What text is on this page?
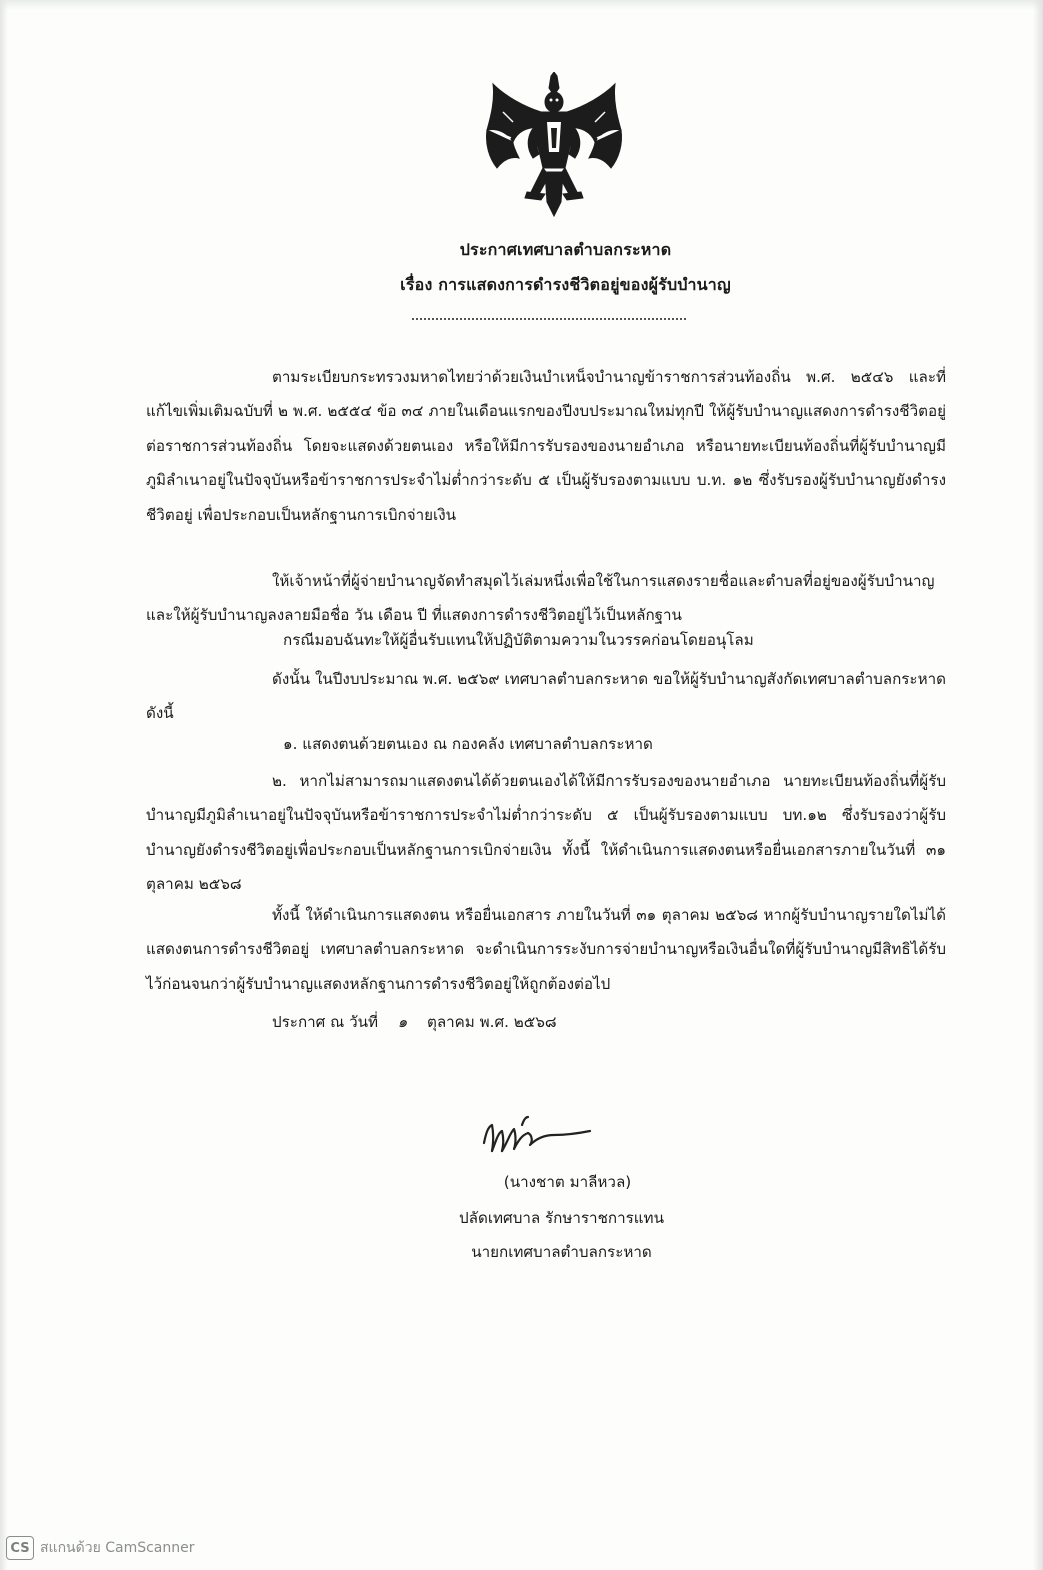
ประกาศเทศบาลตำบลกระหาด
เรื่อง การแสดงการดำรงชีวิตอยู่ของผู้รับบำนาญ

ตามระเบียบกระทรวงมหาดไทยว่าด้วยเงินบำเหน็จบำนาญข้าราชการส่วนท้องถิ่น พ.ศ. ๒๕๔๖ และที่แก้ไขเพิ่มเติมฉบับที่ ๒ พ.ศ. ๒๕๕๔ ข้อ ๓๔ ภายในเดือนแรกของปีงบประมาณใหม่ทุกปี ให้ผู้รับบำนาญแสดงการดำรงชีวิตอยู่ต่อราชการส่วนท้องถิ่น โดยจะแสดงด้วยตนเอง หรือให้มีการรับรองของนายอำเภอ หรือนายทะเบียนท้องถิ่นที่ผู้รับบำนาญมีภูมิลำเนาอยู่ในปัจจุบันหรือข้าราชการประจำไม่ต่ำกว่าระดับ ๕ เป็นผู้รับรองตามแบบ บ.ท. ๑๒ ซึ่งรับรองผู้รับบำนาญยังดำรงชีวิตอยู่ เพื่อประกอบเป็นหลักฐานการเบิกจ่ายเงิน

ให้เจ้าหน้าที่ผู้จ่ายบำนาญจัดทำสมุดไว้เล่มหนึ่งเพื่อใช้ในการแสดงรายชื่อและตำบลที่อยู่ของผู้รับบำนาญ และให้ผู้รับบำนาญลงลายมือชื่อ วัน เดือน ปี ที่แสดงการดำรงชีวิตอยู่ไว้เป็นหลักฐาน

กรณีมอบฉันทะให้ผู้อื่นรับแทนให้ปฏิบัติตามความในวรรคก่อนโดยอนุโลม

ดังนั้น ในปีงบประมาณ พ.ศ. ๒๕๖๙ เทศบาลตำบลกระหาด ขอให้ผู้รับบำนาญสังกัดเทศบาลตำบลกระหาด ดังนี้

๑. แสดงตนด้วยตนเอง ณ กองคลัง เทศบาลตำบลกระหาด

๒. หากไม่สามารถมาแสดงตนได้ด้วยตนเองได้ให้มีการรับรองของนายอำเภอ นายทะเบียนท้องถิ่นที่ผู้รับบำนาญมีภูมิลำเนาอยู่ในปัจจุบันหรือข้าราชการประจำไม่ต่ำกว่าระดับ ๕ เป็นผู้รับรองตามแบบ บท.๑๒ ซึ่งรับรองว่าผู้รับบำนาญยังดำรงชีวิตอยู่เพื่อประกอบเป็นหลักฐานการเบิกจ่ายเงิน ทั้งนี้ ให้ดำเนินการแสดงตนหรือยื่นเอกสารภายในวันที่ ๓๑ ตุลาคม ๒๕๖๘

ทั้งนี้ ให้ดำเนินการแสดงตน หรือยื่นเอกสาร ภายในวันที่ ๓๑ ตุลาคม ๒๕๖๘ หากผู้รับบำนาญรายใดไม่ได้แสดงตนการดำรงชีวิตอยู่ เทศบาลตำบลกระหาด จะดำเนินการระงับการจ่ายบำนาญหรือเงินอื่นใดที่ผู้รับบำนาญมีสิทธิได้รับไว้ก่อนจนกว่าผู้รับบำนาญแสดงหลักฐานการดำรงชีวิตอยู่ให้ถูกต้องต่อไป

ประกาศ ณ วันที่ ๑ ตุลาคม พ.ศ. ๒๕๖๘
(นางชาต มาลีหวล)
ปลัดเทศบาล รักษาราชการแทน
นายกเทศบาลตำบลกระหาด
CS สแกนด้วย CamScanner
